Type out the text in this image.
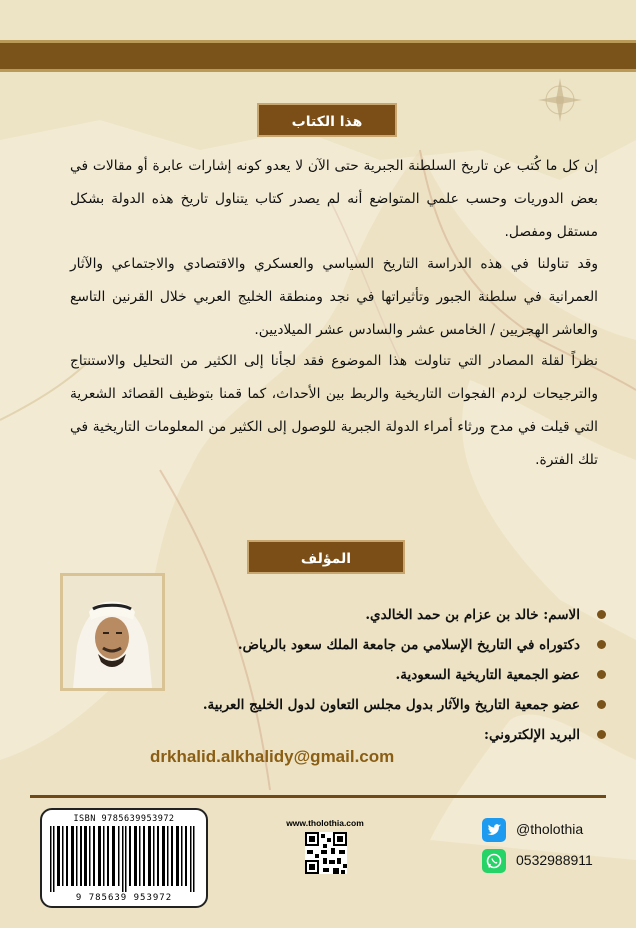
هذا الكتاب
إن كل ما كُتب عن تاريخ السلطنة الجبرية حتى الآن لا يعدو كونه إشارات عابرة أو مقالات في بعض الدوريات وحسب علمي المتواضع أنه لم يصدر كتاب يتناول تاريخ هذه الدولة بشكل مستقل ومفصل.
وقد تناولنا في هذه الدراسة التاريخ السياسي والعسكري والاقتصادي والاجتماعي والآثار العمرانية في سلطنة الجبور وتأثيراتها في نجد ومنطقة الخليج العربي خلال القرنين التاسع والعاشر الهجريين / الخامس عشر والسادس عشر الميلاديين.
نظراً لقلة المصادر التي تناولت هذا الموضوع فقد لجأنا إلى الكثير من التحليل والاستنتاج والترجيحات لردم الفجوات التاريخية والربط بين الأحداث، كما قمنا بتوظيف القصائد الشعرية التي قيلت في مدح ورثاء أمراء الدولة الجبرية للوصول إلى الكثير من المعلومات التاريخية في تلك الفترة.
المؤلف
الاسم: خالد بن عزام بن حمد الخالدي.
دكتوراه في التاريخ الإسلامي من جامعة الملك سعود بالرياض.
عضو الجمعية التاريخية السعودية.
عضو جمعية التاريخ والآثار بدول مجلس التعاون لدول الخليج العربية.
البريد الإلكتروني:
drkhalid.alkhalidy@gmail.com
ISBN 9785639953972
9 785639 953972
www.tholothia.com	@tholothia
0532988911
